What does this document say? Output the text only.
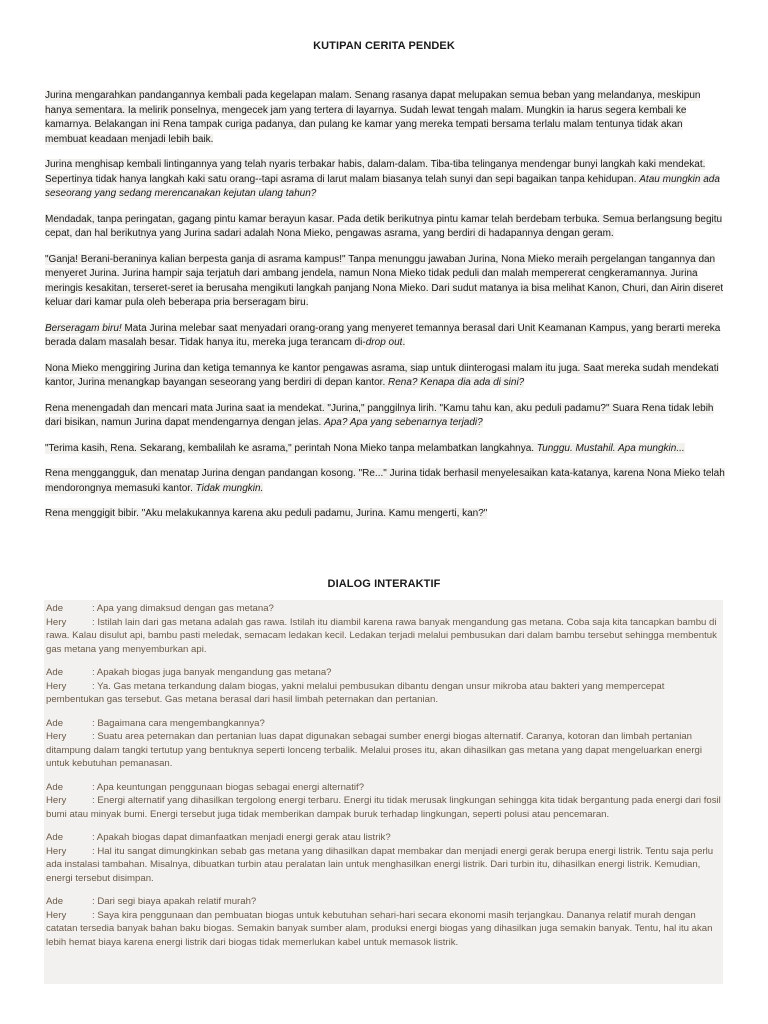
KUTIPAN CERITA PENDEK

Jurina mengarahkan pandangannya kembali pada kegelapan malam. Senang rasanya dapat melupakan semua beban yang melandanya, meskipun hanya sementara. Ia melirik ponselnya, mengecek jam yang tertera di layarnya. Sudah lewat tengah malam. Mungkin ia harus segera kembali ke kamarnya. Belakangan ini Rena tampak curiga padanya, dan pulang ke kamar yang mereka tempati bersama terlalu malam tentunya tidak akan membuat keadaan menjadi lebih baik.

Jurina menghisap kembali lintingannya yang telah nyaris terbakar habis, dalam-dalam. Tiba-tiba telinganya mendengar bunyi langkah kaki mendekat. Sepertinya tidak hanya langkah kaki satu orang--tapi asrama di larut malam biasanya telah sunyi dan sepi bagaikan tanpa kehidupan. Atau mungkin ada seseorang yang sedang merencanakan kejutan ulang tahun?

Mendadak, tanpa peringatan, gagang pintu kamar berayun kasar. Pada detik berikutnya pintu kamar telah berdebam terbuka. Semua berlangsung begitu cepat, dan hal berikutnya yang Jurina sadari adalah Nona Mieko, pengawas asrama, yang berdiri di hadapannya dengan geram.

"Ganja! Berani-beraninya kalian berpesta ganja di asrama kampus!" Tanpa menunggu jawaban Jurina, Nona Mieko meraih pergelangan tangannya dan menyeret Jurina. Jurina hampir saja terjatuh dari ambang jendela, namun Nona Mieko tidak peduli dan malah mempererat cengkeramannya. Jurina meringis kesakitan, terseret-seret ia berusaha mengikuti langkah panjang Nona Mieko. Dari sudut matanya ia bisa melihat Kanon, Churi, dan Airin diseret keluar dari kamar pula oleh beberapa pria berseragam biru.

Berseragam biru! Mata Jurina melebar saat menyadari orang-orang yang menyeret temannya berasal dari Unit Keamanan Kampus, yang berarti mereka berada dalam masalah besar. Tidak hanya itu, mereka juga terancam di-drop out.

Nona Mieko menggiring Jurina dan ketiga temannya ke kantor pengawas asrama, siap untuk diinterogasi malam itu juga. Saat mereka sudah mendekati kantor, Jurina menangkap bayangan seseorang yang berdiri di depan kantor. Rena? Kenapa dia ada di sini?

Rena menengadah dan mencari mata Jurina saat ia mendekat. "Jurina," panggilnya lirih. "Kamu tahu kan, aku peduli padamu?" Suara Rena tidak lebih dari bisikan, namun Jurina dapat mendengarnya dengan jelas. Apa? Apa yang sebenarnya terjadi?

"Terima kasih, Rena. Sekarang, kembalilah ke asrama," perintah Nona Mieko tanpa melambatkan langkahnya. Tunggu. Mustahil. Apa mungkin...

Rena menggangguk, dan menatap Jurina dengan pandangan kosong. "Re..." Jurina tidak berhasil menyelesaikan kata-katanya, karena Nona Mieko telah mendorongnya memasuki kantor. Tidak mungkin.

Rena menggigit bibir. "Aku melakukannya karena aku peduli padamu, Jurina. Kamu mengerti, kan?"

DIALOG INTERAKTIF
Ade	: Apa yang dimaksud dengan gas metana?
Hery	: Istilah lain dari gas metana adalah gas rawa. Istilah itu diambil karena rawa banyak mengandung gas metana. Coba saja kita tancapkan bambu di rawa. Kalau disulut api, bambu pasti meledak, semacam ledakan kecil. Ledakan terjadi melalui pembusukan dari dalam bambu tersebut sehingga membentuk gas metana yang menyemburkan api.
Ade	: Apakah biogas juga banyak mengandung gas metana?
Hery	: Ya. Gas metana terkandung dalam biogas, yakni melalui pembusukan dibantu dengan unsur mikroba atau bakteri yang mempercepat pembentukan gas tersebut. Gas metana berasal dari hasil limbah peternakan dan pertanian.
Ade	: Bagaimana cara mengembangkannya?
Hery	: Suatu area peternakan dan pertanian luas dapat digunakan sebagai sumber energi biogas alternatif. Caranya, kotoran dan limbah pertanian ditampung dalam tangki tertutup yang bentuknya seperti lonceng terbalik. Melalui proses itu, akan dihasilkan gas metana yang dapat mengeluarkan energi untuk kebutuhan pemanasan.
Ade	: Apa keuntungan penggunaan biogas sebagai energi alternatif?
Hery	: Energi alternatif yang dihasilkan tergolong energi terbaru. Energi itu tidak merusak lingkungan sehingga kita tidak bergantung pada energi dari fosil bumi atau minyak bumi. Energi tersebut juga tidak memberikan dampak buruk terhadap lingkungan, seperti polusi atau pencemaran.
Ade	: Apakah biogas dapat dimanfaatkan menjadi energi gerak atau listrik?
Hery	: Hal itu sangat dimungkinkan sebab gas metana yang dihasilkan dapat membakar dan menjadi energi gerak berupa energi listrik. Tentu saja perlu ada instalasi tambahan. Misalnya, dibuatkan turbin atau peralatan lain untuk menghasilkan energi listrik. Dari turbin itu, dihasilkan energi listrik. Kemudian, energi tersebut disimpan.
Ade	: Dari segi biaya apakah relatif murah?
Hery	: Saya kira penggunaan dan pembuatan biogas untuk kebutuhan sehari-hari secara ekonomi masih terjangkau. Dananya relatif murah dengan catatan tersedia banyak bahan baku biogas. Semakin banyak sumber alam, produksi energi biogas yang dihasilkan juga semakin banyak. Tentu, hal itu akan lebih hemat biaya karena energi listrik dari biogas tidak memerlukan kabel untuk memasok listrik.
